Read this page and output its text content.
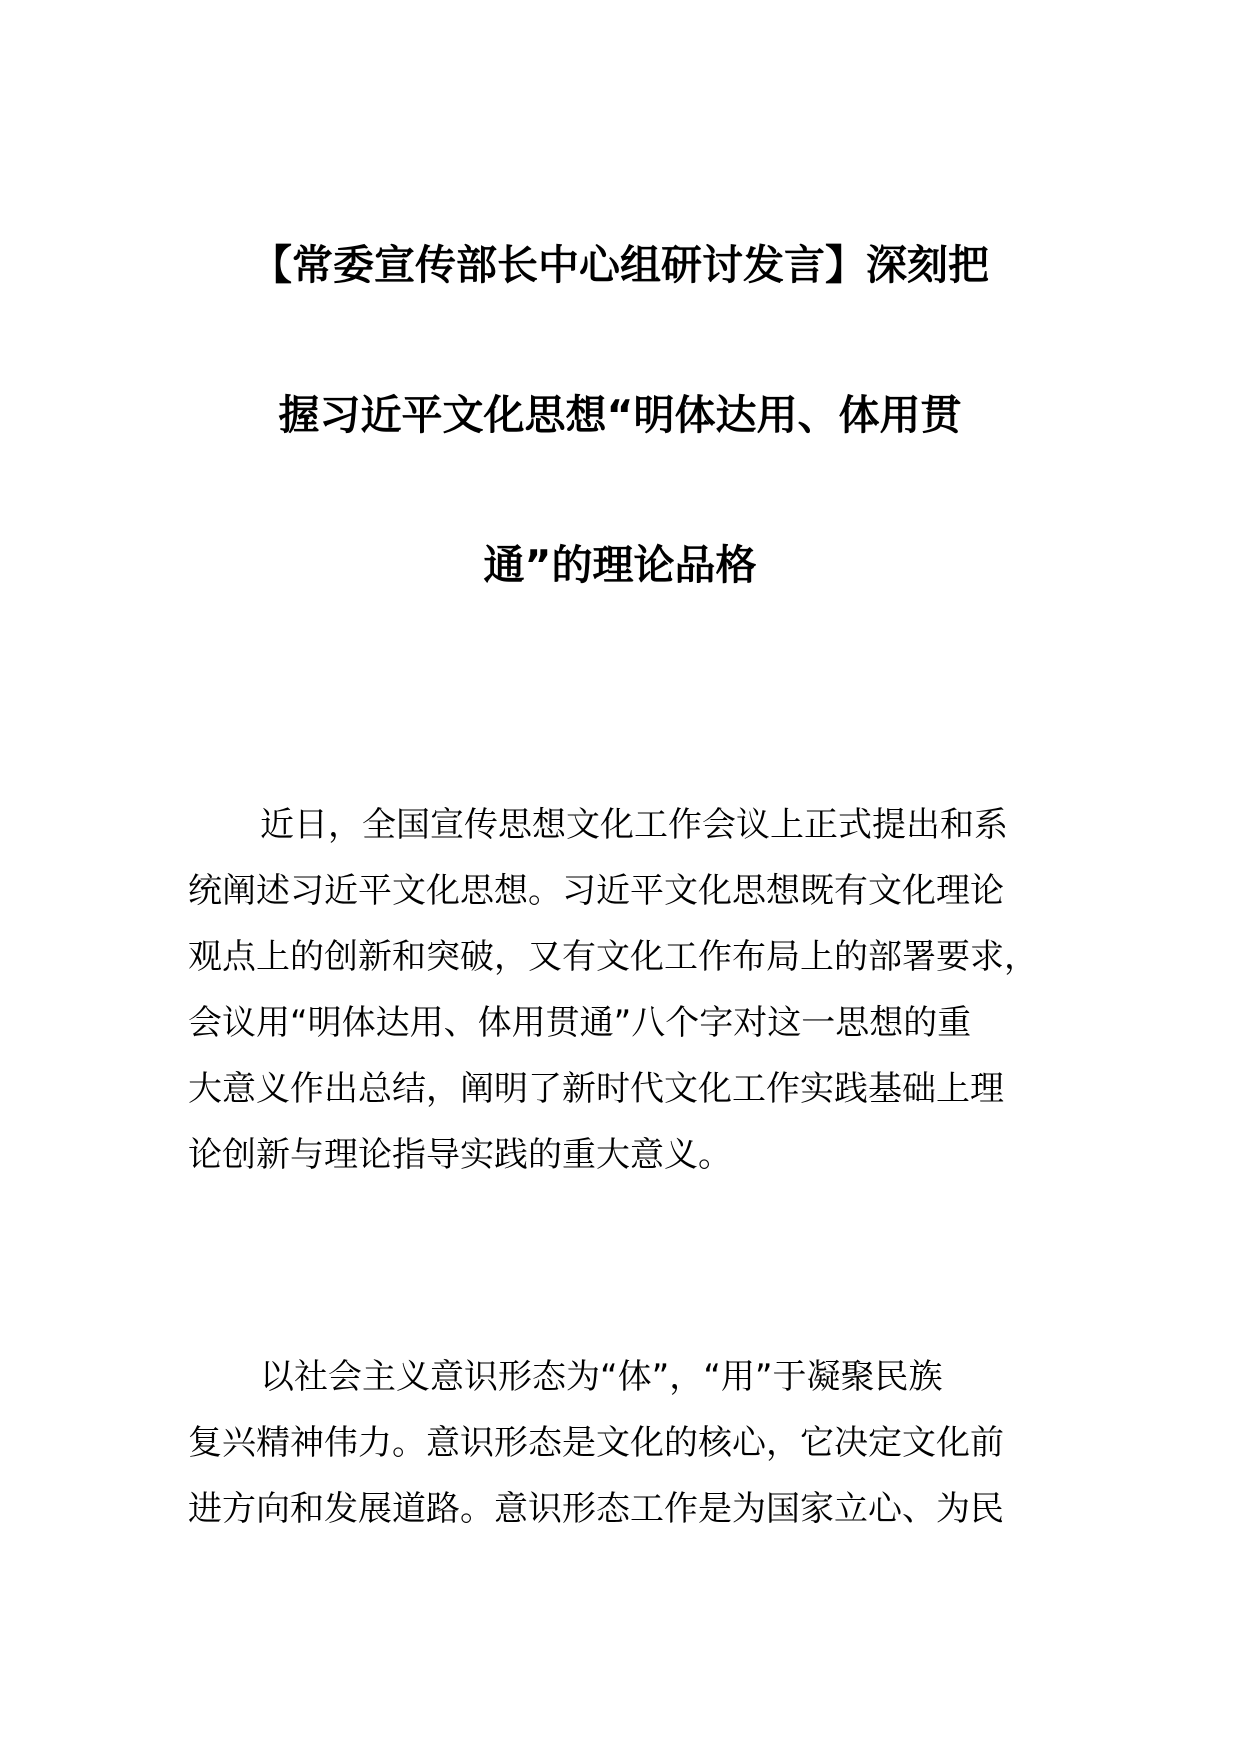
【常委宣传部长中心组研讨发言】深刻把
握习近平文化思想“明体达用、体用贯
通”的理论品格

近日，全国宣传思想文化工作会议上正式提出和系
统阐述习近平文化思想。习近平文化思想既有文化理论
观点上的创新和突破，又有文化工作布局上的部署要求，
会议用“明体达用、体用贯通”八个字对这一思想的重
大意义作出总结，阐明了新时代文化工作实践基础上理
论创新与理论指导实践的重大意义。

以社会主义意识形态为“体”，“用”于凝聚民族
复兴精神伟力。意识形态是文化的核心，它决定文化前
进方向和发展道路。意识形态工作是为国家立心、为民
